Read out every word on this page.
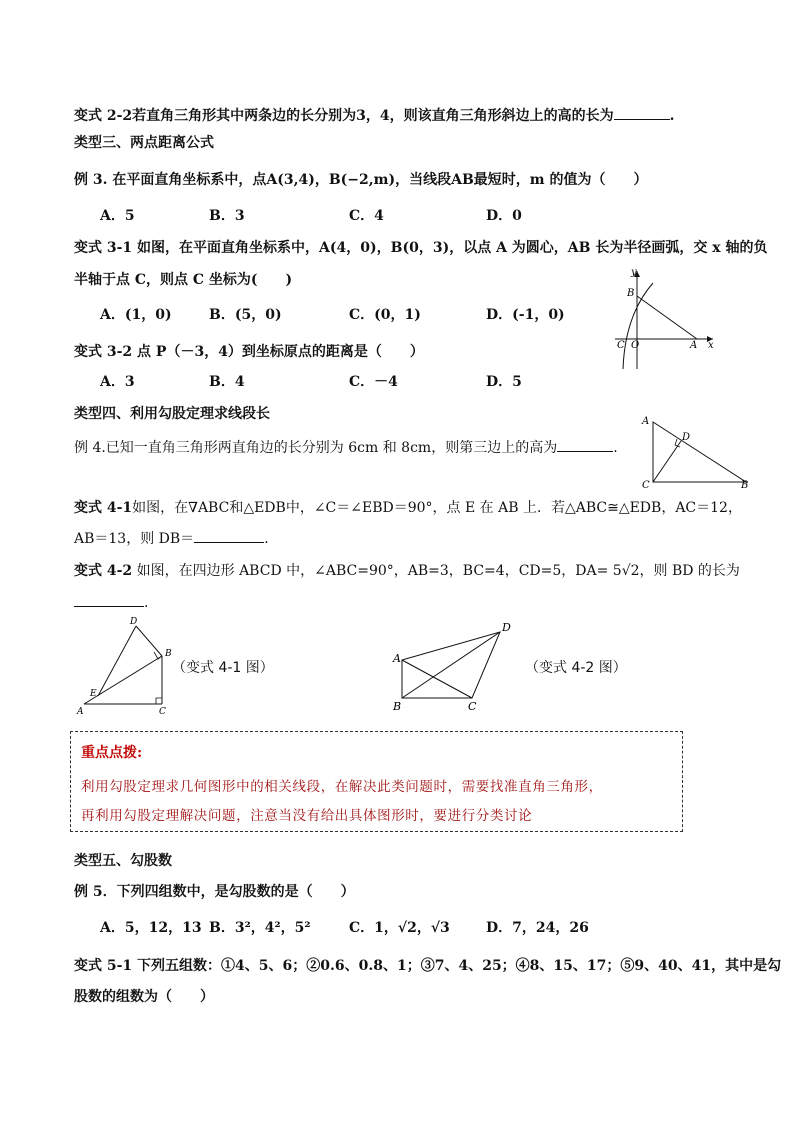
变式 2-2若直角三角形其中两条边的长分别为3，4，则该直角三角形斜边上的高的长为	.
类型三、两点距离公式
例 3. 在平面直角坐标系中，点A(3,4)，B(−2,m)，当线段AB最短时，m 的值为（　　）
A．5	B．3	C．4	D．0
变式 3-1 如图，在平面直角坐标系中，A(4，0)，B(0，3)，以点 A 为圆心，AB 长为半径画弧，交 x 轴的负
半轴于点 C，则点 C 坐标为(　　)
A．(1，0)	B．(5，0)	C．(0，1)	D．(-1，0)
y
x
B
C O	A
变式 3-2 点 P（－3，4）到坐标原点的距离是（　　）
A．3	B．4	C．－4	D．5
类型四、利用勾股定理求线段长	A
D
C	B
例 4.已知一直角三角形两直角边的长分别为 6cm 和 8cm，则第三边上的高为	.
变式 4-1如图，在∇ABC和△EDB中，∠C＝∠EBD＝90°，点 E 在 AB 上．若△ABC≅△EDB，AC＝12，
AB＝13，则 DB＝	．
变式 4-2 如图，在四边形 ABCD 中，∠ABC=90°，AB=3，BC=4，CD=5，DA= 5√2，则 BD 的长为
.
D
B
E
A	C
（变式 4-1 图）
D
A
B	C
（变式 4-2 图）
重点点拨:
利用勾股定理求几何图形中的相关线段，在解决此类问题时，需要找准直角三角形，
再利用勾股定理解决问题，注意当没有给出具体图形时，要进行分类讨论
类型五、勾股数
例 5．下列四组数中，是勾股数的是（　　）
A．5，12，13 B．3²，4²，5²	C．1，√2，√3	D．7，24，26
变式 5-1 下列五组数：①4、5、6；②0.6、0.8、1；③7、4、25；④8、15、17；⑤9、40、41，其中是勾
股数的组数为（　　）
